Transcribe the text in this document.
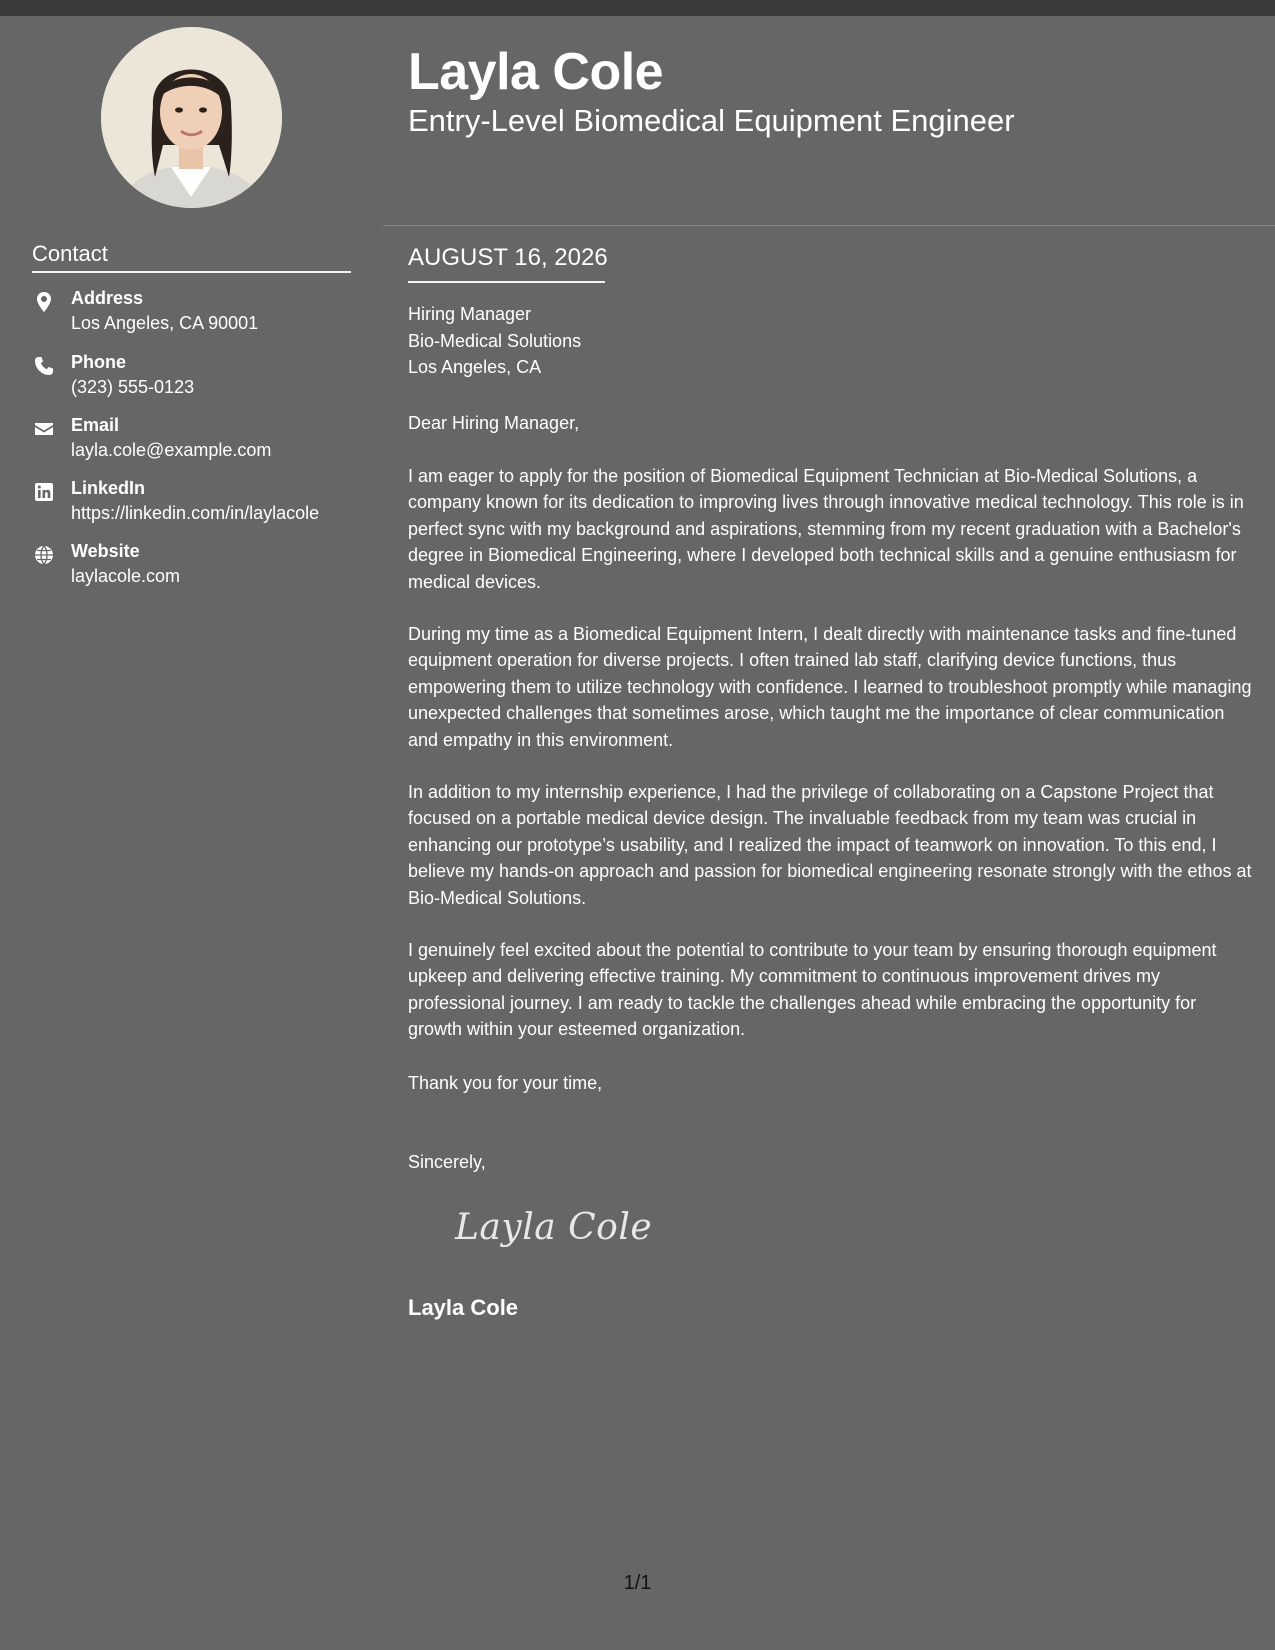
Contact
Address
Los Angeles, CA 90001
Phone
(323) 555-0123
Email
layla.cole@example.com
LinkedIn
https://linkedin.com/in/laylacole
Website
laylacole.com
Layla Cole
Entry-Level Biomedical Equipment Engineer
AUGUST 16, 2026
Hiring Manager
Bio-Medical Solutions
Los Angeles, CA
Dear Hiring Manager,
I am eager to apply for the position of Biomedical Equipment Technician at Bio-Medical Solutions, a company known for its dedication to improving lives through innovative medical technology. This role is in perfect sync with my background and aspirations, stemming from my recent graduation with a Bachelor's degree in Biomedical Engineering, where I developed both technical skills and a genuine enthusiasm for medical devices.
During my time as a Biomedical Equipment Intern, I dealt directly with maintenance tasks and fine-tuned equipment operation for diverse projects. I often trained lab staff, clarifying device functions, thus empowering them to utilize technology with confidence. I learned to troubleshoot promptly while managing unexpected challenges that sometimes arose, which taught me the importance of clear communication and empathy in this environment.
In addition to my internship experience, I had the privilege of collaborating on a Capstone Project that focused on a portable medical device design. The invaluable feedback from my team was crucial in enhancing our prototype’s usability, and I realized the impact of teamwork on innovation. To this end, I believe my hands-on approach and passion for biomedical engineering resonate strongly with the ethos at Bio-Medical Solutions.
I genuinely feel excited about the potential to contribute to your team by ensuring thorough equipment upkeep and delivering effective training. My commitment to continuous improvement drives my professional journey. I am ready to tackle the challenges ahead while embracing the opportunity for growth within your esteemed organization.
Thank you for your time,
Sincerely,
Layla Cole
Layla Cole
1/1
